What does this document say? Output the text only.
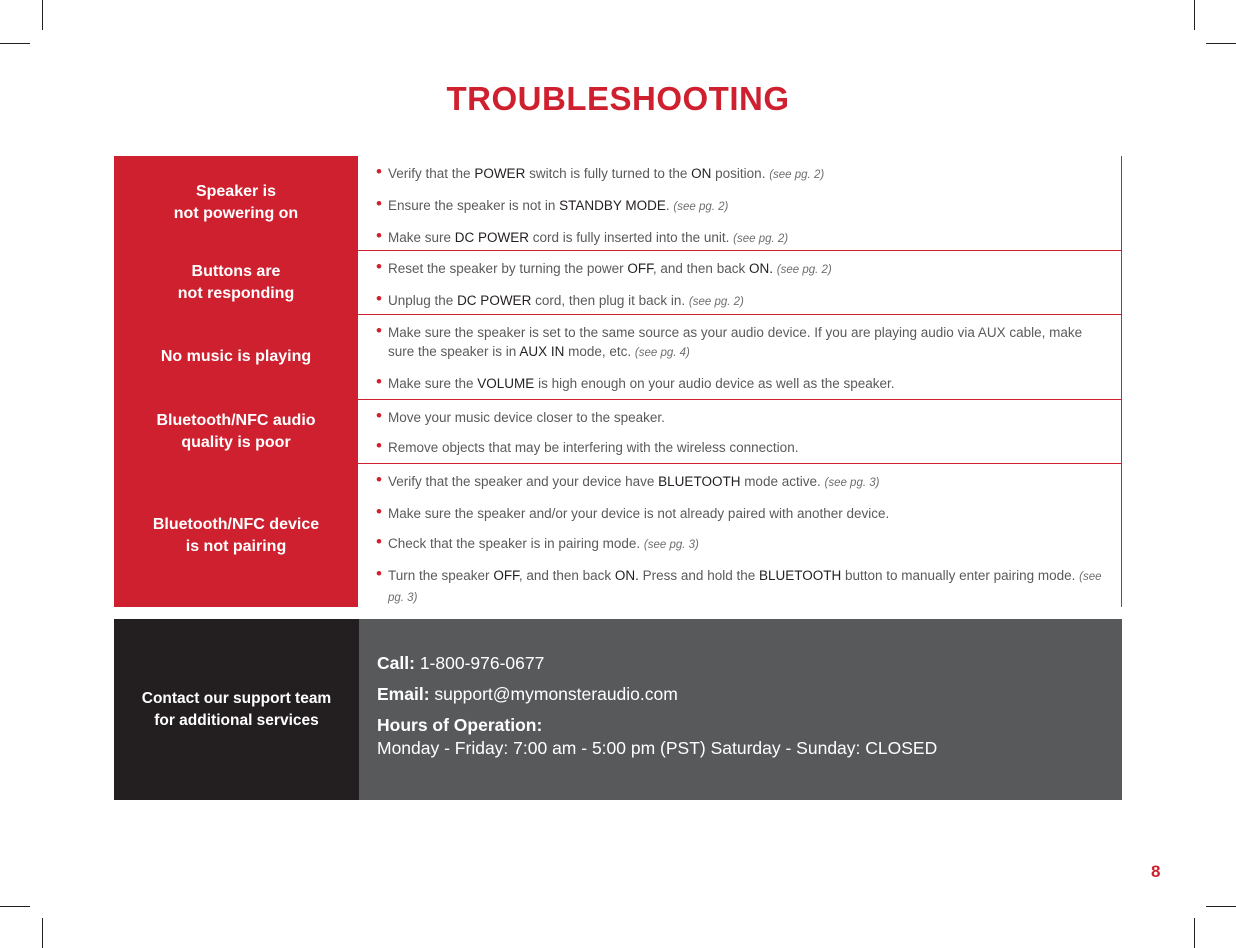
TROUBLESHOOTING
Speaker is
not powering on
• Verify that the POWER switch is fully turned to the ON position. (see pg. 2)
• Ensure the speaker is not in STANDBY MODE. (see pg. 2)
• Make sure DC POWER cord is fully inserted into the unit. (see pg. 2)
Buttons are
not responding
• Reset the speaker by turning the power OFF, and then back ON. (see pg. 2)
• Unplug the DC POWER cord, then plug it back in. (see pg. 2)
No music is playing
• Make sure the speaker is set to the same source as your audio device. If you are playing audio via AUX cable, make sure the speaker is in AUX IN mode, etc. (see pg. 4)
• Make sure the VOLUME is high enough on your audio device as well as the speaker.
Bluetooth/NFC audio
quality is poor
• Move your music device closer to the speaker.
• Remove objects that may be interfering with the wireless connection.
Bluetooth/NFC device
is not pairing
• Verify that the speaker and your device have BLUETOOTH mode active. (see pg. 3)
• Make sure the speaker and/or your device is not already paired with another device.
• Check that the speaker is in pairing mode. (see pg. 3)
• Turn the speaker OFF, and then back ON. Press and hold the BLUETOOTH button to manually enter pairing mode. (see pg. 3)
Contact our support team
for additional services
Call: 1-800-976-0677
Email: support@mymonsteraudio.com
Hours of Operation:
Monday - Friday: 7:00 am - 5:00 pm (PST) Saturday - Sunday: CLOSED
8
